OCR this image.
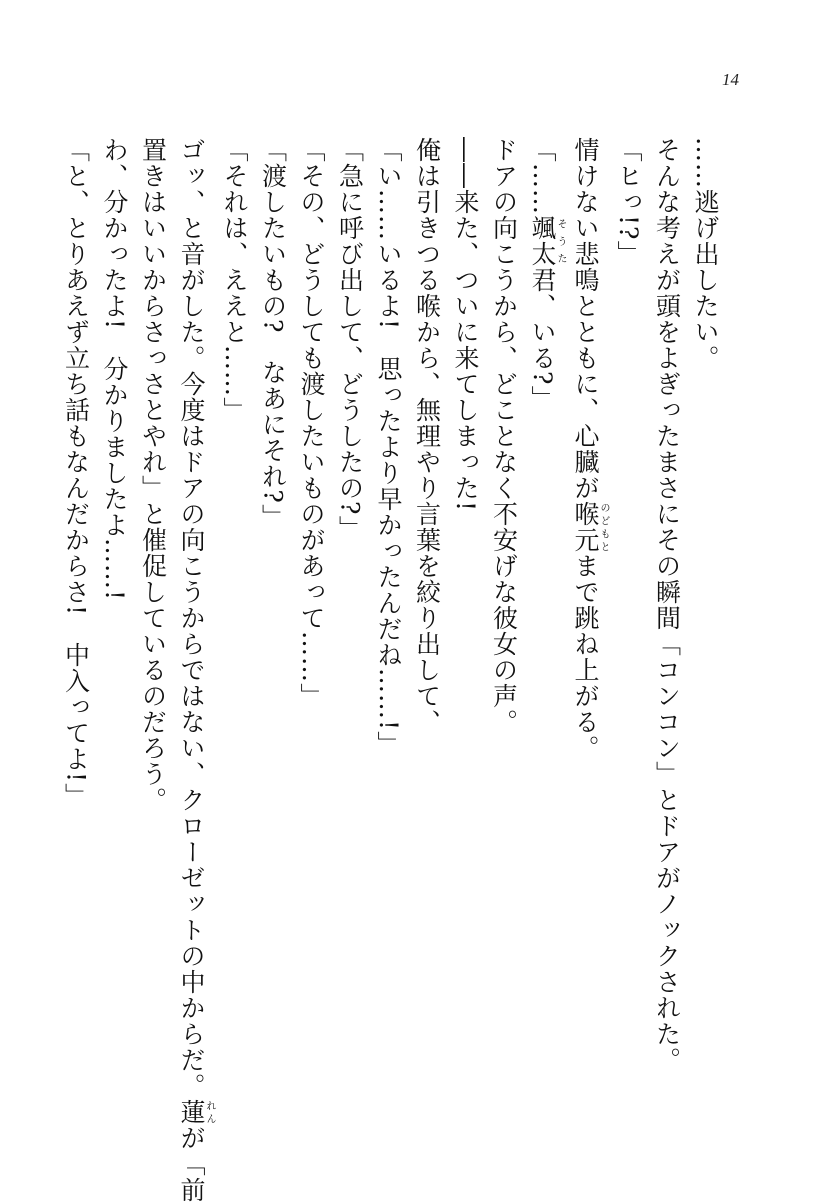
14
……逃げ出したい。
そんな考えが頭をよぎったまさにその瞬間「コンコン」とドアがノックされた。
「ヒっ!?」
情けない悲鳴とともに、心臓が喉元のどもとまで跳ね上がる。
「……颯太そうた君、いる?」
ドアの向こうから、どことなく不安げな彼女の声。
――来た、ついに来てしまった!
俺は引きつる喉から、無理やり言葉を絞り出して、
「い……いるよ!　思ったより早かったんだね……!」
「急に呼び出して、どうしたの?」
「その、どうしても渡したいものがあって……」
「渡したいもの?　なあにそれ?」
「それは、ええと……」
ゴッ、と音がした。今度はドアの向こうからではない、クローゼットの中からだ。蓮れんが「前
置きはいいからさっさとやれ」と催促しているのだろう。
わ、分かったよ!　分かりましたよ……!
「と、とりあえず立ち話もなんだからさ!　中入ってよ!」
